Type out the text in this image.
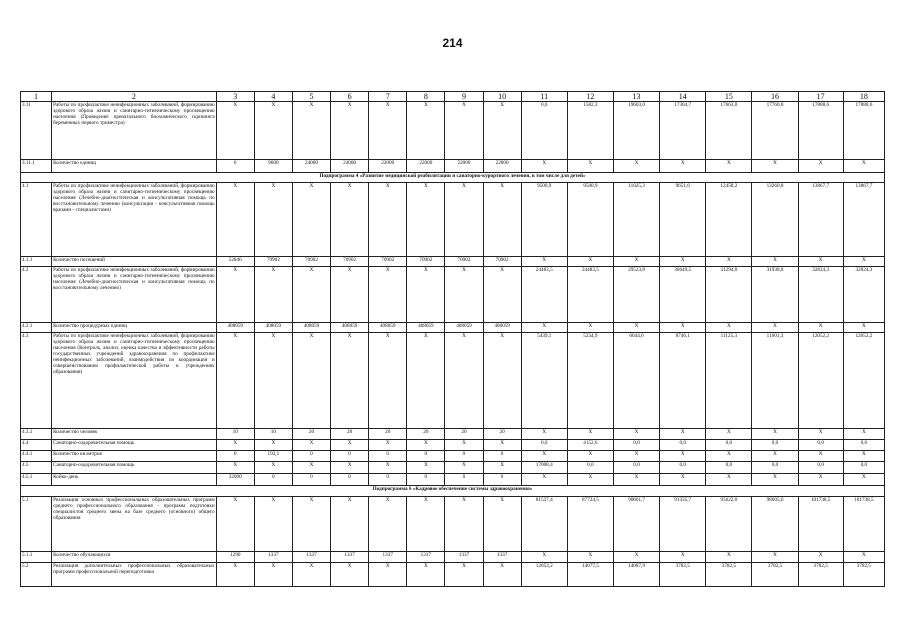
214
1	2	3	4	5	6	7	8	9	10	11	12	13	14	15	16	17	18
3.11	Работы по профилактике неинфекционных заболеваний, формированию здорового образа жизни и санитарно-гигиеническому просвещению населения (Проведение пренатального биохимического скрининга беременных первого триместра)	X	X	X	X	X	X	X	X	0,0	1582,3	19603,0	17304,7	17663,8	17760,8	17888,6	17888,6
3.11.1	Количество единиц	6	9600	24000	24000	22000	22000	22000	22000	X	X	X	X	X	X	X	X
Подпрограмма 4 «Развитие медицинской реабилитации и санаторно-курортного лечения, в том числе для детей»																	
4.1	Работы по профилактике неинфекционных заболеваний, формированию здорового образа жизни и санитарно-гигиеническому просвещению населения (Лечебно-диагностическая и консультативная помощь по восстановительному лечению (консультации - консультативная помощь врачами - специалистами)	X	X	X	X	X	X	X	X	9500,9	9500,9	11025,3	9651,6	12458,2	13260,8	13867,7	13867,7
4.1.1	Количество посещений	52846	70902	70902	70902	70902	70902	70902	70902	X	X	X	X	X	X	X	X
4.2	Работы по профилактике неинфекционных заболеваний, формированию здорового образа жизни и санитарно-гигиеническому просвещению населения (Лечебно-диагностическая и консультативная помощь по восстановительному лечению)	X	X	X	X	X	X	X	X	24483,5	24483,5	29523,8	30649,5	31294,0	31938,8	32824,3	32824,3
4.2.1	Количество процедурных единиц	408059	408059	408059	408059	408059	408059	408059	408059	X	X	X	X	X	X	X	X
4.3	Работы по профилактике неинфекционных заболеваний, формированию здорового образа жизни и санитарно-гигиеническому просвещению населения (Контроль, анализ, оценка качества и эффективности работы государственных учреждений здравоохранения по профилактике неинфекционных заболеваний, взаимодействия по координации и совершенствованию профилактической работы в учреждениях образования)	X	X	X	X	X	X	X	X	5439,1	5234,9	6044,6	8746,1	11125,3	11601,3	12052,2	12052,2
4.3.1	Количество человек	10	10	20	20	20	20	20	20	X	X	X	X	X	X	X	X
4.4	Санаторно-оздоровительная помощь	X	X	X	X	X	X	X	X	0,0	4152,6	0,0	0,0	0,0	0,0	0,0	0,0
4.4.1	Количество кв.метров	0	192,1	0	0	0	0	0	0	X	X	X	X	X	X	X	X
4.5	Санаторно-оздоровительная помощь	X	X	X	X	X	X	X	X	17008,4	0,0	0,0	0,0	0,0	0,0	0,0	0,0
4.5.1	Койко-день	32000	0	0	0	0	0	0	0	X	X	X	X	X	X	X	X
Подпрограмма 6 «Кадровое обеспечение системы здравоохранения»																	
5.1	Реализация основных профессиональных образовательных программ среднего профессионального образования - программ подготовки специалистов среднего звена на базе среднего (основного) общего образования	X	X	X	X	X	X	X	X	81537,4	87724,5	90601,7	91335,7	95622,0	98605,6	101738,5	101738,5
5.1.1	Количество обучающихся	1290	1337	1337	1337	1337	1337	1337	1337	X	X	X	X	X	X	X	X
5.2	Реализация дополнительных профессиональных образовательных программ профессиональной переподготовки	X	X	X	X	X	X	X	X	12053,2	14077,5	14087,9	3782,5	3782,5	3782,5	3782,5	3782,5
